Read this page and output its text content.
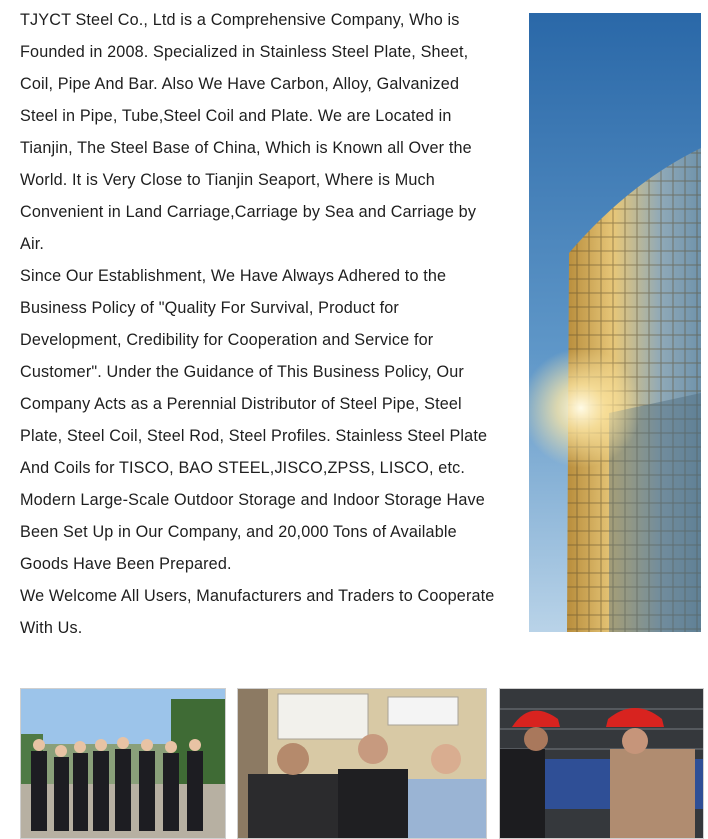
TJYCT Steel Co., Ltd is a Comprehensive Company, Who is Founded in 2008. Specialized in Stainless Steel Plate, Sheet, Coil, Pipe And Bar. Also We Have Carbon, Alloy, Galvanized Steel in Pipe, Tube,Steel Coil and Plate. We are Located in Tianjin, The Steel Base of China, Which is Known all Over the World. It is Very Close to Tianjin Seaport, Where is Much Convenient in Land Carriage,Carriage by Sea and Carriage by Air.

Since Our Establishment, We Have Always Adhered to the Business Policy of "Quality For Survival, Product for Development, Credibility for Cooperation and Service for Customer". Under the Guidance of This Business Policy, Our Company Acts as a Perennial Distributor of Steel Pipe, Steel Plate, Steel Coil, Steel Rod, Steel Profiles. Stainless Steel Plate And Coils for TISCO, BAO STEEL,JISCO,ZPSS, LISCO, etc. Modern Large-Scale Outdoor Storage and Indoor Storage Have Been Set Up in Our Company, and 20,000 Tons of Available Goods Have Been Prepared.

We Welcome All Users, Manufacturers and Traders to Cooperate With Us.
